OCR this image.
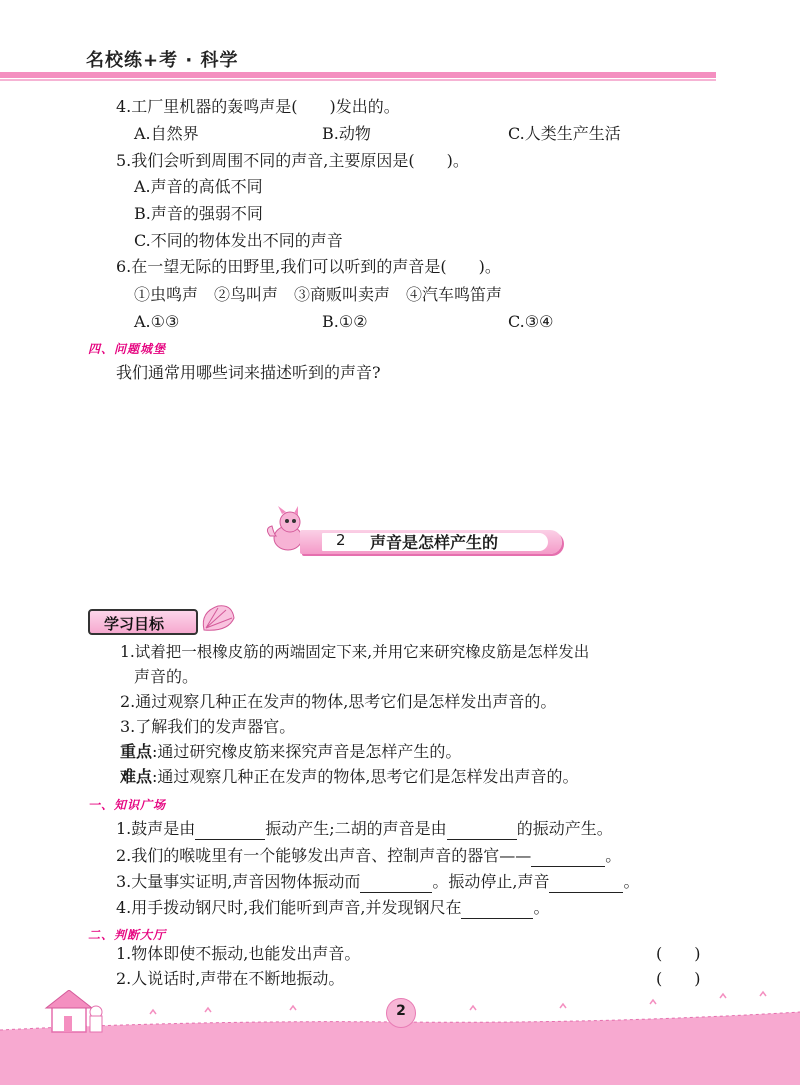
名校练+考 · 科学
4.工厂里机器的轰鸣声是(　　)发出的。
A.自然界	B.动物	C.人类生产生活
5.我们会听到周围不同的声音,主要原因是(　　)。
A.声音的高低不同
B.声音的强弱不同
C.不同的物体发出不同的声音
6.在一望无际的田野里,我们可以听到的声音是(　　)。
①虫鸣声　②鸟叫声　③商贩叫卖声　④汽车鸣笛声
A.①③	B.①②	C.③④
四、问题城堡
我们通常用哪些词来描述听到的声音?
2 声音是怎样产生的
学习目标
1.试着把一根橡皮筋的两端固定下来,并用它来研究橡皮筋是怎样发出
声音的。
2.通过观察几种正在发声的物体,思考它们是怎样发出声音的。
3.了解我们的发声器官。
重点:通过研究橡皮筋来探究声音是怎样产生的。
难点:通过观察几种正在发声的物体,思考它们是怎样发出声音的。
一、知识广场
1.鼓声是由	振动产生;二胡的声音是由	的振动产生。
2.我们的喉咙里有一个能够发出声音、控制声音的器官——	。
3.大量事实证明,声音因物体振动而	。振动停止,声音	。
4.用手拨动钢尺时,我们能听到声音,并发现钢尺在	。
二、判断大厅
1.物体即使不振动,也能发出声音。	(　　)
2.人说话时,声带在不断地振动。	(　　)
2
